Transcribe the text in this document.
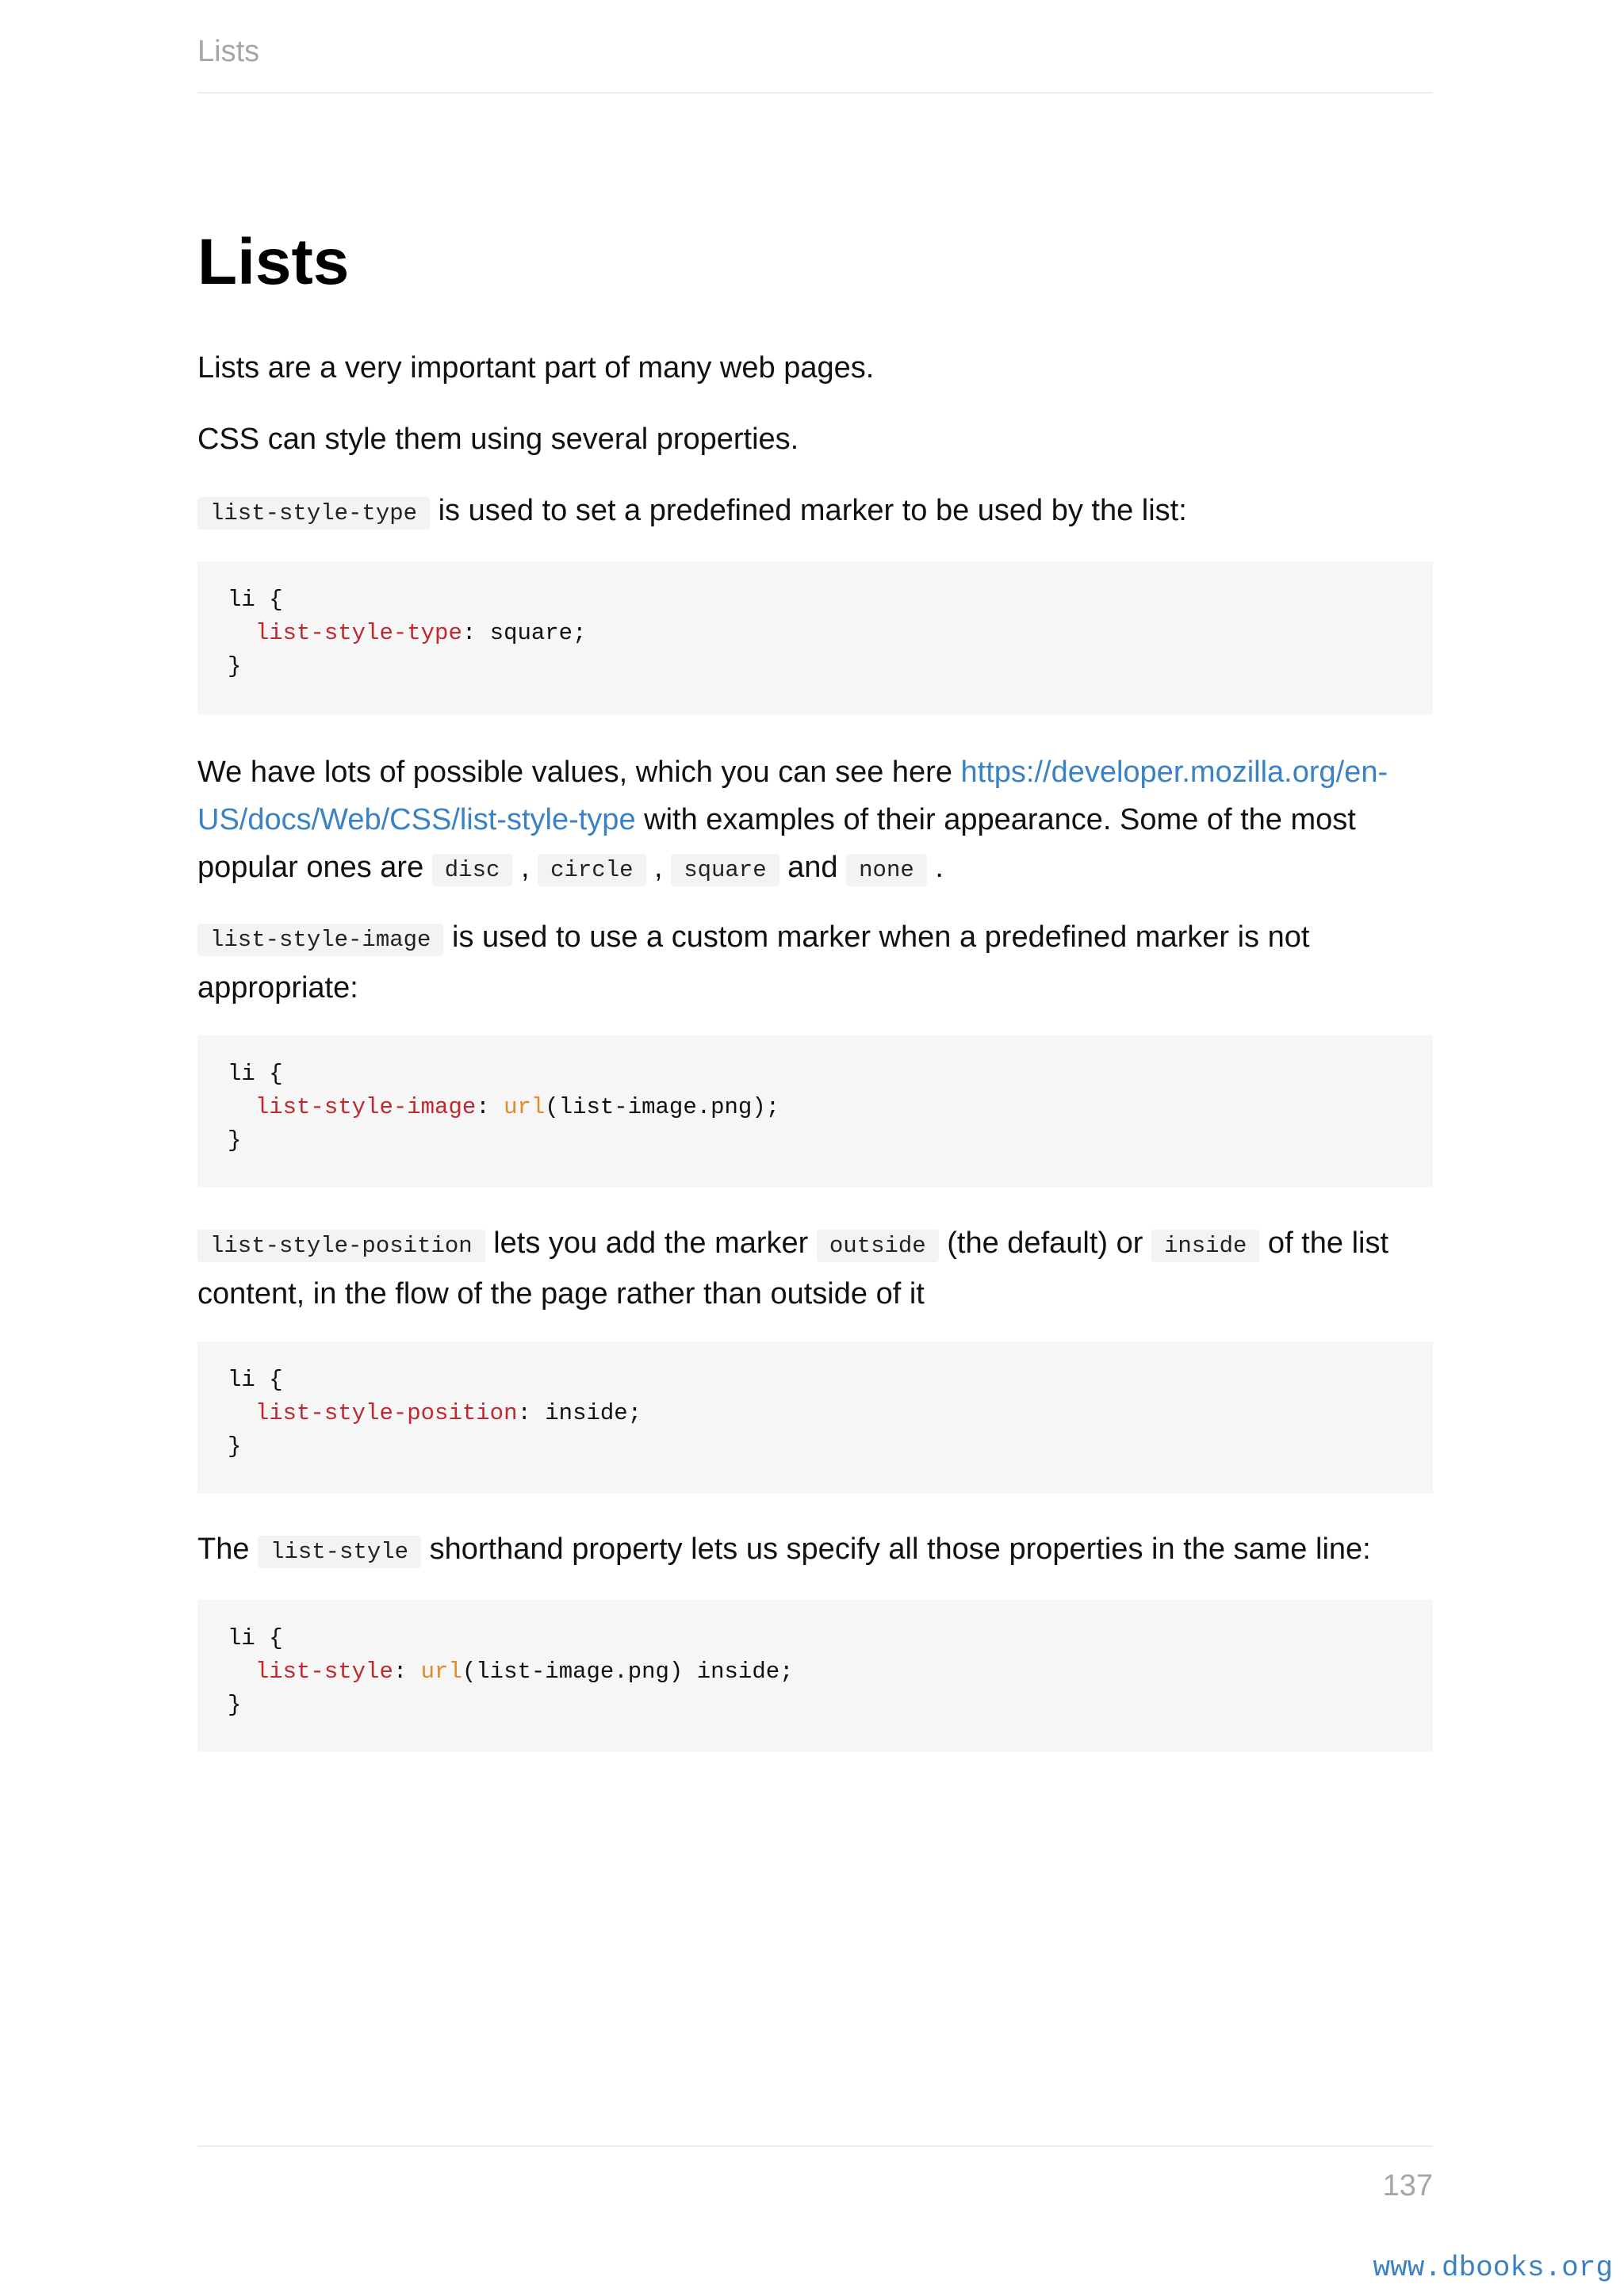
Lists
Lists

Lists are a very important part of many web pages.

CSS can style them using several properties.

list-style-type is used to set a predefined marker to be used by the list:

li {
list-style-type: square;
}

We have lots of possible values, which you can see here https://developer.mozilla.org/en-US/docs/Web/CSS/list-style-type with examples of their appearance. Some of the most popular ones are disc , circle , square and none .

list-style-image is used to use a custom marker when a predefined marker is not appropriate:

li {
list-style-image: url(list-image.png);
}

list-style-position lets you add the marker outside (the default) or inside of the list content, in the flow of the page rather than outside of it

li {
list-style-position: inside;
}

The list-style shorthand property lets us specify all those properties in the same line:

li {
list-style: url(list-image.png) inside;
}
137
www.dbooks.org
